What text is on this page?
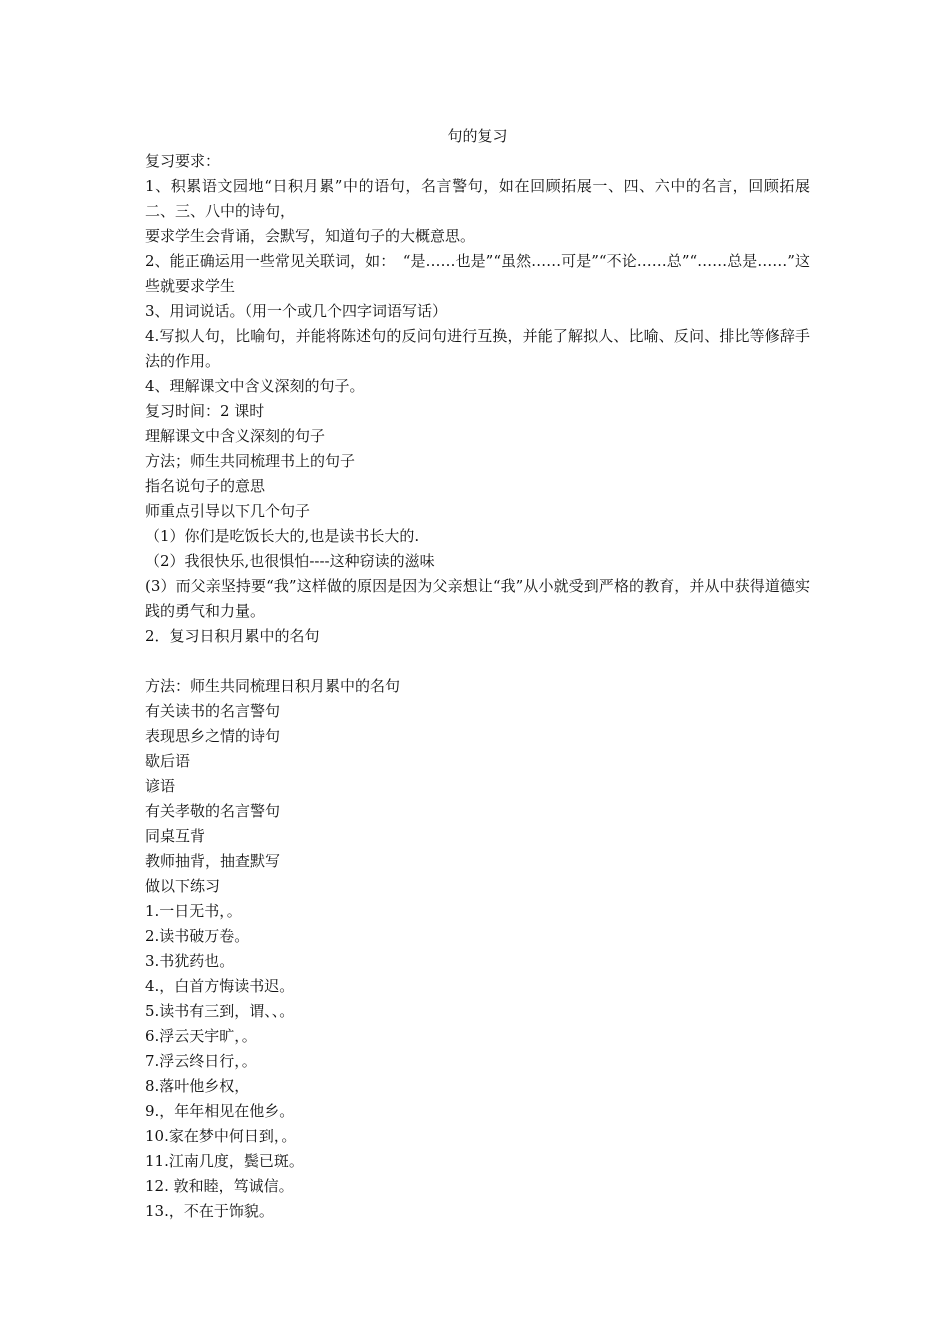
句的复习

复习要求：

1、积累语文园地“日积月累”中的语句，名言警句，如在回顾拓展一、四、六中的名言，回顾拓展二、三、八中的诗句，

要求学生会背诵，会默写，知道句子的大概意思。

2、能正确运用一些常见关联词，如：　“是……也是”“虽然……可是”“不论……总”“……总是……”这些就要求学生

3、用词说话。（用一个或几个四字词语写话）

4.写拟人句，比喻句，并能将陈述句的反问句进行互换，并能了解拟人、比喻、反问、排比等修辞手法的作用。

4、理解课文中含义深刻的句子。

复习时间：2 课时

理解课文中含义深刻的句子

方法；师生共同梳理书上的句子

指名说句子的意思

师重点引导以下几个句子

（1）你们是吃饭长大的,也是读书长大的.

（2）我很快乐,也很惧怕----这种窃读的滋味

(3）而父亲坚持要“我”这样做的原因是因为父亲想让“我”从小就受到严格的教育，并从中获得道德实践的勇气和力量。

2．复习日积月累中的名句

方法：师生共同梳理日积月累中的名句

有关读书的名言警句

表现思乡之情的诗句

歇后语

谚语

有关孝敬的名言警句

同桌互背

教师抽背，抽查默写

做以下练习

1.一日无书，。

2.读书破万卷。

3.书犹药也。

4.，白首方悔读书迟。

5.读书有三到，谓、、。

6.浮云天宇旷，。

7.浮云终日行，。

8.落叶他乡权，

9.，年年相见在他乡。

10.家在梦中何日到，。

11.江南几度，鬓已斑。

12. 敦和睦，笃诚信。

13.，不在于饰貌。
